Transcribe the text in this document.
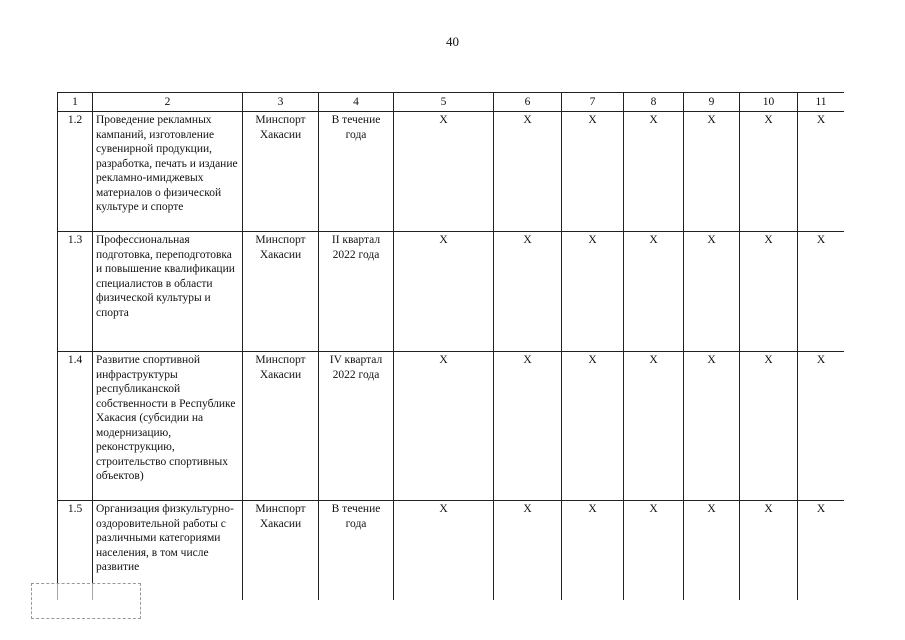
40
1	2	3	4	5	6	7	8	9	10	11
1.2	Проведение рекламных кампаний, изготовление сувенирной продукции, разработка, печать и издание рекламно-имиджевых материалов о физической культуре и спорте	Минспорт Хакасии	В течение года	Х	Х	Х	Х	Х	Х	Х
1.3	Профессиональная подготовка, переподготовка и повышение квалификации специалистов в области физической культуры и спорта	Минспорт Хакасии	II квартал 2022 года	Х	Х	Х	Х	Х	Х	Х
1.4	Развитие спортивной инфраструктуры республиканской собственности в Республике Хакасия (субсидии на модернизацию, реконструкцию, строительство спортивных объектов)	Минспорт Хакасии	IV квартал 2022 года	Х	Х	Х	Х	Х	Х	Х
1.5	Организация физкультурно-оздоровительной работы с различными категориями населения, в том числе развитие	Минспорт Хакасии	В течение года	Х	Х	Х	Х	Х	Х	Х
